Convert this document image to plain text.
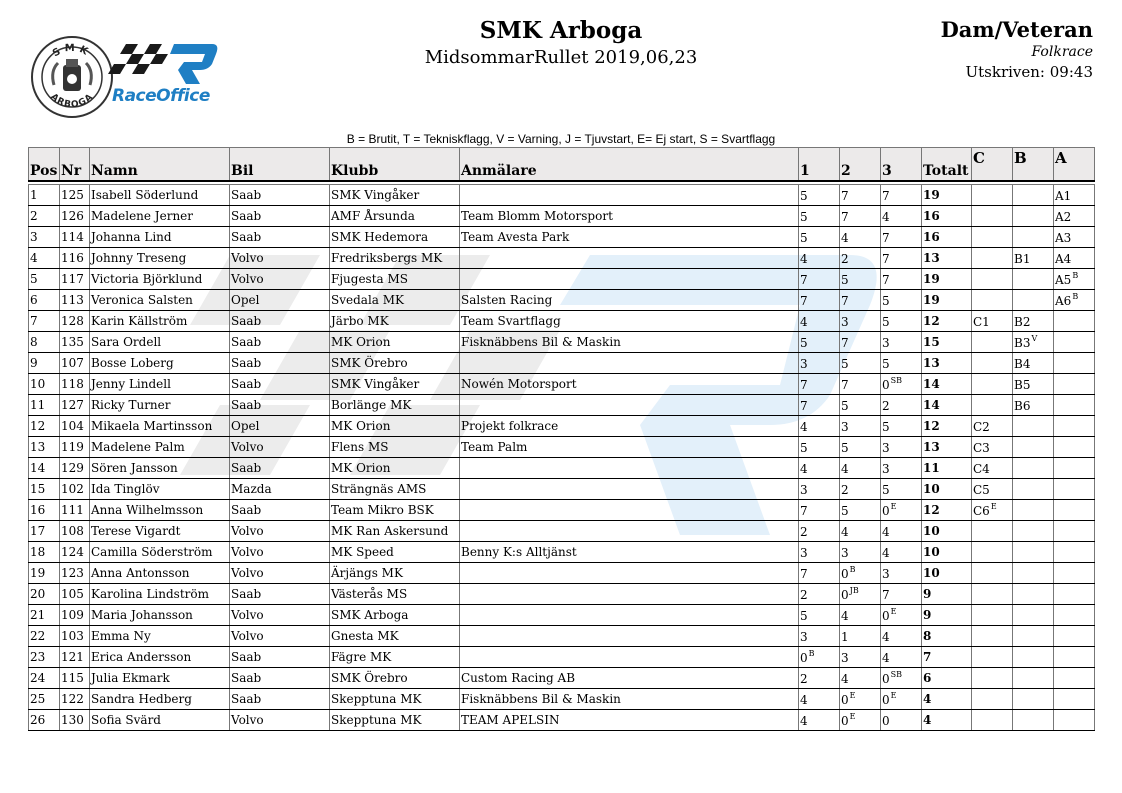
SMK
ARBOGA RaceOffice
SMK Arboga
MidsommarRullet 2019,06,23
Dam/Veteran
Folkrace
Utskriven: 09:43
B = Brutit, T = Tekniskflagg, V = Varning, J = Tjuvstart, E= Ej start, S = Svartflagg
Pos	Nr	Namn	Bil	Klubb	Anmälare	1	2	3	Totalt	C	B	A

1	125	Isabell Söderlund	Saab	SMK Vingåker		5	7	7	19			A1
2	126	Madelene Jerner	Saab	AMF Årsunda	Team Blomm Motorsport	5	7	4	16			A2
3	114	Johanna Lind	Saab	SMK Hedemora	Team Avesta Park	5	4	7	16			A3
4	116	Johnny Treseng	Volvo	Fredriksbergs MK		4	2	7	13		B1	A4
5	117	Victoria Björklund	Volvo	Fjugesta MS		7	5	7	19			$A5^B$
6	113	Veronica Salsten	Opel	Svedala MK	Salsten Racing	7	7	5	19			$A6^B$
7	128	Karin Källström	Saab	Järbo MK	Team Svartflagg	4	3	5	12	C1	B2	
8	135	Sara Ordell	Saab	MK Orion	Fisknäbbens Bil & Maskin	5	7	3	15		$B3^V$	
9	107	Bosse Loberg	Saab	SMK Örebro		3	5	5	13		B4	
10	118	Jenny Lindell	Saab	SMK Vingåker	Nowén Motorsport	7	7	$0^{SB}$	14		B5	
11	127	Ricky Turner	Saab	Borlänge MK		7	5	2	14		B6	
12	104	Mikaela Martinsson	Opel	MK Orion	Projekt folkrace	4	3	5	12	C2		
13	119	Madelene Palm	Volvo	Flens MS	Team Palm	5	5	3	13	C3		
14	129	Sören Jansson	Saab	MK Orion		4	4	3	11	C4		
15	102	Ida Tinglöv	Mazda	Strängnäs AMS		3	2	5	10	C5		
16	111	Anna Wilhelmsson	Saab	Team Mikro BSK		7	5	$0^E$	12	$C6^E$		
17	108	Terese Vigardt	Volvo	MK Ran Askersund		2	4	4	10			
18	124	Camilla Söderström	Volvo	MK Speed	Benny K:s Alltjänst	3	3	4	10			
19	123	Anna Antonsson	Volvo	Ärjängs MK		7	$0^B$	3	10			
20	105	Karolina Lindström	Saab	Västerås MS		2	$0^{JB}$	7	9			
21	109	Maria Johansson	Volvo	SMK Arboga		5	4	$0^E$	9			
22	103	Emma Ny	Volvo	Gnesta MK		3	1	4	8			
23	121	Erica Andersson	Saab	Fägre MK		$0^B$	3	4	7			
24	115	Julia Ekmark	Saab	SMK Örebro	Custom Racing AB	2	4	$0^{SB}$	6			
25	122	Sandra Hedberg	Saab	Skepptuna MK	Fisknäbbens Bil & Maskin	4	$0^E$	$0^E$	4			
26	130	Sofia Svärd	Volvo	Skepptuna MK	TEAM APELSIN	4	$0^E$	0	4			
